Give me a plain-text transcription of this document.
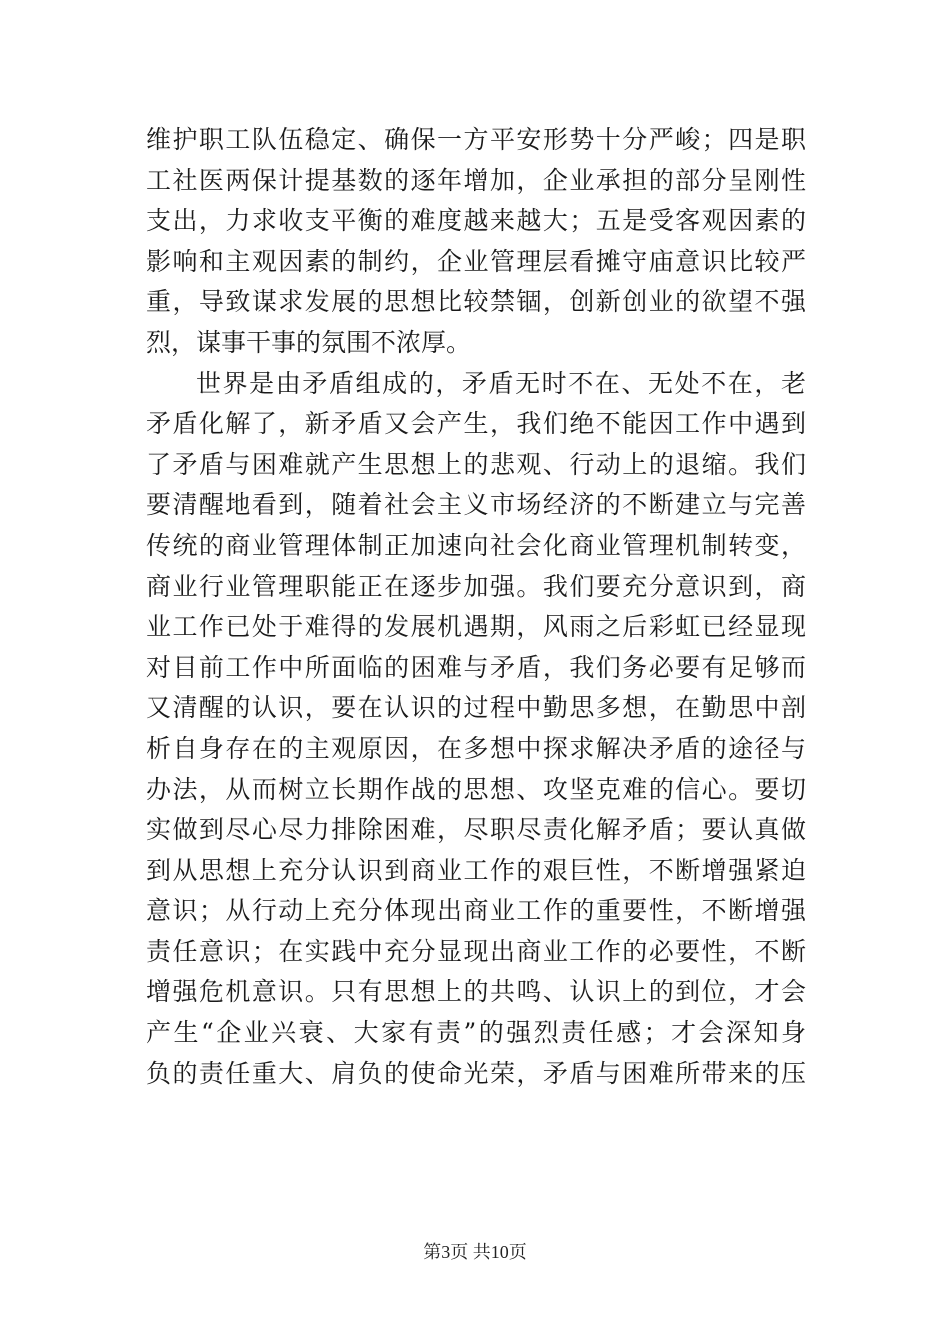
维护职工队伍稳定、确保一方平安形势十分严峻；四是职
工社医两保计提基数的逐年增加，企业承担的部分呈刚性
支出，力求收支平衡的难度越来越大；五是受客观因素的
影响和主观因素的制约，企业管理层看摊守庙意识比较严
重，导致谋求发展的思想比较禁锢，创新创业的欲望不强
烈，谋事干事的氛围不浓厚。
世界是由矛盾组成的，矛盾无时不在、无处不在，老
矛盾化解了，新矛盾又会产生，我们绝不能因工作中遇到
了矛盾与困难就产生思想上的悲观、行动上的退缩。我们
要清醒地看到，随着社会主义市场经济的不断建立与完善
传统的商业管理体制正加速向社会化商业管理机制转变，
商业行业管理职能正在逐步加强。我们要充分意识到，商
业工作已处于难得的发展机遇期，风雨之后彩虹已经显现
对目前工作中所面临的困难与矛盾，我们务必要有足够而
又清醒的认识，要在认识的过程中勤思多想，在勤思中剖
析自身存在的主观原因，在多想中探求解决矛盾的途径与
办法，从而树立长期作战的思想、攻坚克难的信心。要切
实做到尽心尽力排除困难，尽职尽责化解矛盾；要认真做
到从思想上充分认识到商业工作的艰巨性，不断增强紧迫
意识；从行动上充分体现出商业工作的重要性，不断增强
责任意识；在实践中充分显现出商业工作的必要性，不断
增强危机意识。只有思想上的共鸣、认识上的到位，才会
产生“企业兴衰、大家有责”的强烈责任感；才会深知身
负的责任重大、肩负的使命光荣，矛盾与困难所带来的压
第3页 共10页
